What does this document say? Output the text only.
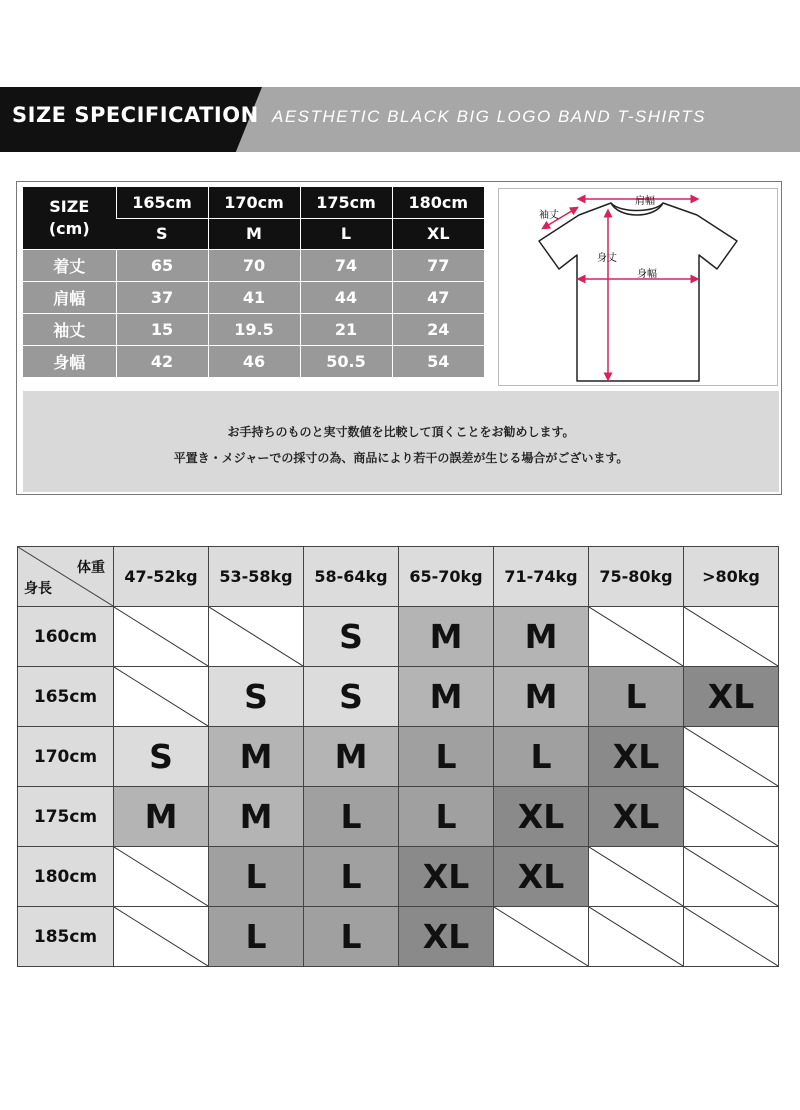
SIZE SPECIFICATION AESTHETIC BLACK BIG LOGO BAND T-SHIRTS
SIZE
(cm)	165cm	170cm	175cm	180cm
	S	M	L	XL
着丈	65	70	74	77
肩幅	37	41	44	47
袖丈	15	19.5	21	24
身幅	42	46	50.5	54
肩幅
袖丈
身丈
身幅
お手持ちのものと実寸数値を比較して頂くことをお勧めします。
平置き・メジャーでの採寸の為、商品により若干の誤差が生じる場合がございます。
体重
身長	47-52kg	53-58kg	58-64kg	65-70kg	71-74kg	75-80kg	>80kg
160cm			S	M	M	

165cm		S	S	M	M	L	XL
170cm	S	M	M	L	L	XL	

175cm	M	M	L	L	XL	XL	

180cm		L	L	XL	XL	

185cm		L	L	XL	
